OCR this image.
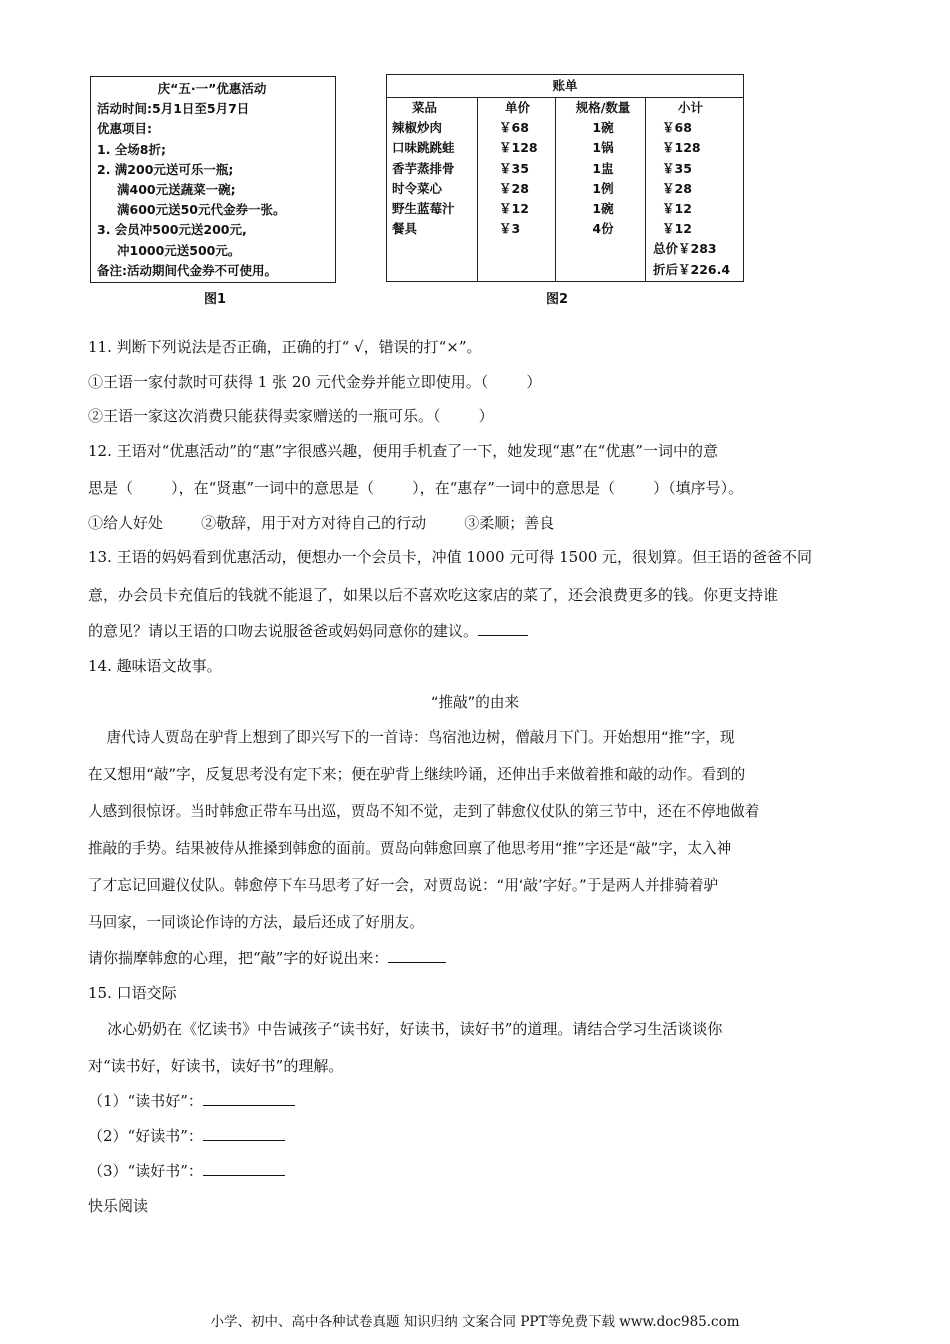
庆“五·一”优惠活动
活动时间:5月1日至5月7日
优惠项目:
1. 全场8折;
2. 满200元送可乐一瓶;
满400元送蔬菜一碗;
满600元送50元代金券一张。
3. 会员冲500元送200元,
冲1000元送500元。
备注:活动期间代金券不可使用。
图1
账单
菜品
辣椒炒肉
口味跳跳蛙
香芋蒸排骨
时令菜心
野生蓝莓汁
餐具
单价
￥68
￥128
￥35
￥28
￥12
￥3
规格/数量
1碗
1锅
1盅
1例
1碗
4份
小计
￥68
￥128
￥35
￥28
￥12
￥12
总价￥283
折后￥226.4
图2
11. 判断下列说法是否正确，正确的打“ √，错误的打“×”。
①王语一家付款时可获得 1 张 20 元代金券并能立即使用。（        ）
②王语一家这次消费只能获得卖家赠送的一瓶可乐。（        ）
12. 王语对“优惠活动”的“惠”字很感兴趣，便用手机查了一下，她发现“惠”在“优惠”一词中的意
思是（        ），在“贤惠”一词中的意思是（        ），在“惠存”一词中的意思是（        ）（填序号）。
①给人好处        ②敬辞，用于对方对待自己的行动        ③柔顺；善良
13. 王语的妈妈看到优惠活动，便想办一个会员卡，冲值 1000 元可得 1500 元，很划算。但王语的爸爸不同
意，办会员卡充值后的钱就不能退了，如果以后不喜欢吃这家店的菜了，还会浪费更多的钱。你更支持谁
的意见？请以王语的口吻去说服爸爸或妈妈同意你的建议。
14. 趣味语文故事。
“推敲”的由来
唐代诗人贾岛在驴背上想到了即兴写下的一首诗：鸟宿池边树，僧敲月下门。开始想用“推”字，现
在又想用“敲”字，反复思考没有定下来；便在驴背上继续吟诵，还伸出手来做着推和敲的动作。看到的
人感到很惊讶。当时韩愈正带车马出巡，贾岛不知不觉，走到了韩愈仪仗队的第三节中，还在不停地做着
推敲的手势。结果被侍从推搡到韩愈的面前。贾岛向韩愈回禀了他思考用“推”字还是“敲”字，太入神
了才忘记回避仪仗队。韩愈停下车马思考了好一会，对贾岛说：“用‘敲’字好。”于是两人并排骑着驴
马回家，一同谈论作诗的方法，最后还成了好朋友。
请你揣摩韩愈的心理，把“敲”字的好说出来：
15. 口语交际
冰心奶奶在《忆读书》中告诫孩子“读书好，好读书，读好书”的道理。请结合学习生活谈谈你
对“读书好，好读书，读好书”的理解。
（1）“读书好”：
（2）“好读书”：
（3）“读好书”：
快乐阅读
小学、初中、高中各种试卷真题 知识归纳 文案合同 PPT等免费下载 www.doc985.com
